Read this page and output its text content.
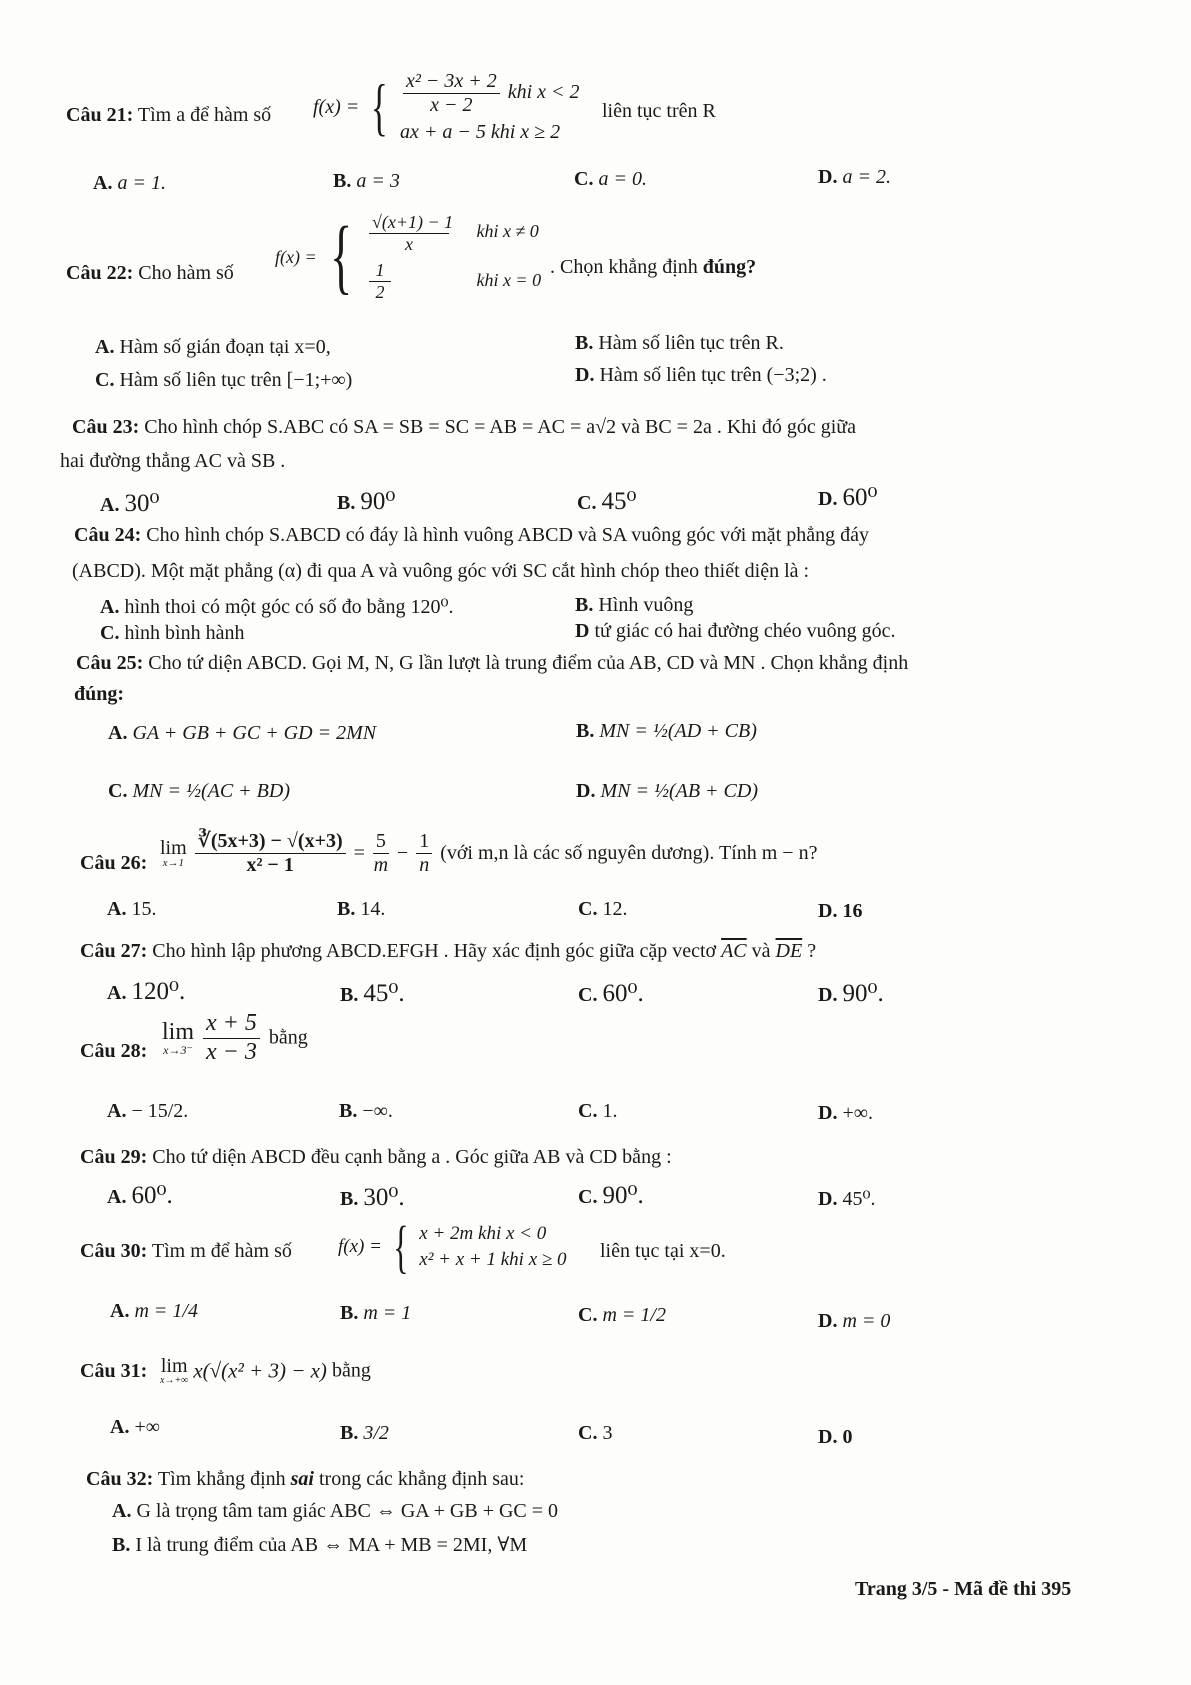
Câu 21: Tìm a để hàm số f(x) = { $\frac{\text{x² − 3x + 2}}{x - 2}$ khi x < 2
ax + a − 5 khi x ≥ 2
liên tục trên R
A. a = 1.	B. a = 3	C. a = 0.	D. a = 2.
Câu 22: Cho hàm số
f(x) = { $\frac{√(x+1) - 1}{x}$ khi x ≠ 0
$\frac{1}{2}$	khi x = 0
. Chọn khẳng định đúng?
A. Hàm số gián đoạn tại x=0,	B. Hàm số liên tục trên R.
C. Hàm số liên tục trên [−1;+∞)	D. Hàm số liên tục trên (−3;2) .
Câu 23: Cho hình chóp S.ABC có SA = SB = SC = AB = AC = a√2 và BC = 2a . Khi đó góc giữa
hai đường thẳng AC và SB .
A. 30⁰	B. 90⁰	C. 45⁰	D. 60⁰
Câu 24: Cho hình chóp S.ABCD có đáy là hình vuông ABCD và SA vuông góc với mặt phẳng đáy
(ABCD). Một mặt phẳng (α) đi qua A và vuông góc với SC cắt hình chóp theo thiết diện là :
A. hình thoi có một góc có số đo bằng 120⁰.	B. Hình vuông
C. hình bình hành	D tứ giác có hai đường chéo vuông góc.
Câu 25: Cho tứ diện ABCD. Gọi M, N, G lần lượt là trung điểm của AB, CD và MN . Chọn khẳng định
đúng:
A. GA + GB + GC + GD = 2MN	B. MN = ½(AD + CB)
C. MN = ½(AC + BD)	D. MN = ½(AB + CD)
Câu 26:
lim
x→1
$\frac{∛(5x+3) - √(x+3)}{\text{x² − 1}} = \frac{5}{m} - \frac{1}{n}$ (với m,n là các số nguyên dương). Tính m − n?
A. 15.	B. 14.	C. 12.	D. 16
Câu 27: Cho hình lập phương ABCD.EFGH . Hãy xác định góc giữa cặp vectơ $\overline{AC}$ và $\overline{DE}$ ?
A. 120⁰.	B. 45⁰.	C. 60⁰.	D. 90⁰.
Câu 28:
lim
x→3⁻
$\frac{x + 5}{x - 3}$ bằng
A. − 15/2.	B. −∞.	C. 1.	D. +∞.
Câu 29: Cho tứ diện ABCD đều cạnh bằng a . Góc giữa AB và CD bằng :
A. 60⁰.	B. 30⁰.	C. 90⁰.	D. 45⁰.
Câu 30: Tìm m để hàm số f(x) = { x + 2m khi x < 0
x² + x + 1 khi x ≥ 0 liên tục tại x=0.
A. m = 1/4	B. m = 1	C. m = 1/2	D. m = 0
Câu 31: lim
x→+∞ x(√(x² + 3) − x) bằng
A. +∞	B. 3/2	C. 3	D. 0
Câu 32: Tìm khẳng định sai trong các khẳng định sau:
A. G là trọng tâm tam giác ABC ⇔ GA + GB + GC = 0
B. I là trung điểm của AB ⇔ MA + MB = 2MI, ∀M
Trang 3/5 - Mã đề thi 395
